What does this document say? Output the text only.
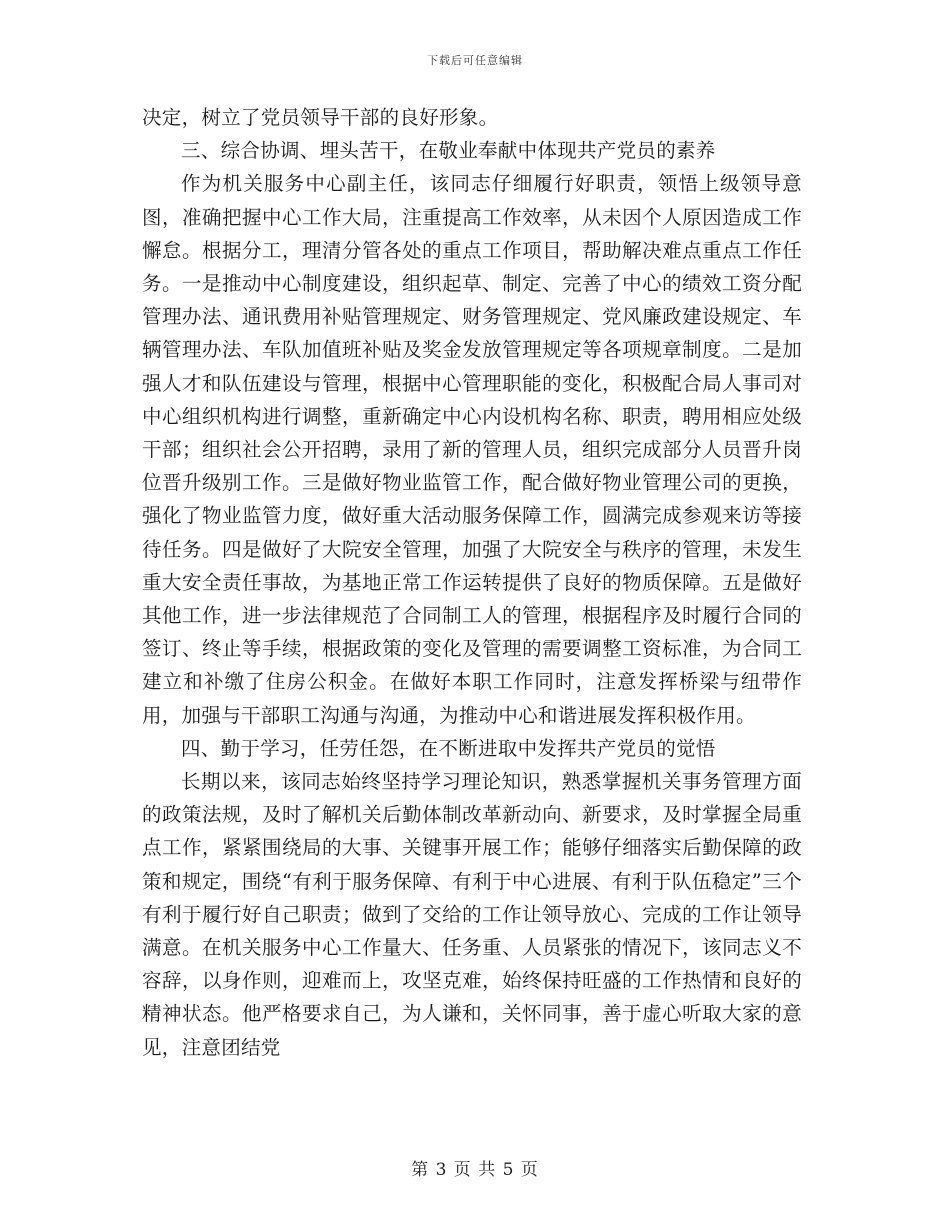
下载后可任意编辑

决定，树立了党员领导干部的良好形象。

三、综合协调、埋头苦干，在敬业奉献中体现共产党员的素养

作为机关服务中心副主任，该同志仔细履行好职责，领悟上级领导意图，准确把握中心工作大局，注重提高工作效率，从未因个人原因造成工作懈怠。根据分工，理清分管各处的重点工作项目，帮助解决难点重点工作任务。一是推动中心制度建设，组织起草、制定、完善了中心的绩效工资分配管理办法、通讯费用补贴管理规定、财务管理规定、党风廉政建设规定、车辆管理办法、车队加值班补贴及奖金发放管理规定等各项规章制度。二是加强人才和队伍建设与管理，根据中心管理职能的变化，积极配合局人事司对中心组织机构进行调整，重新确定中心内设机构名称、职责，聘用相应处级干部；组织社会公开招聘，录用了新的管理人员，组织完成部分人员晋升岗位晋升级别工作。三是做好物业监管工作，配合做好物业管理公司的更换，强化了物业监管力度，做好重大活动服务保障工作，圆满完成参观来访等接待任务。四是做好了大院安全管理，加强了大院安全与秩序的管理，未发生重大安全责任事故，为基地正常工作运转提供了良好的物质保障。五是做好其他工作，进一步法律规范了合同制工人的管理，根据程序及时履行合同的签订、终止等手续，根据政策的变化及管理的需要调整工资标准，为合同工建立和补缴了住房公积金。在做好本职工作同时，注意发挥桥梁与纽带作用，加强与干部职工沟通与沟通，为推动中心和谐进展发挥积极作用。

四、勤于学习，任劳任怨，在不断进取中发挥共产党员的觉悟

长期以来，该同志始终坚持学习理论知识，熟悉掌握机关事务管理方面的政策法规，及时了解机关后勤体制改革新动向、新要求，及时掌握全局重点工作，紧紧围绕局的大事、关键事开展工作；能够仔细落实后勤保障的政策和规定，围绕“有利于服务保障、有利于中心进展、有利于队伍稳定”三个有利于履行好自己职责；做到了交给的工作让领导放心、完成的工作让领导满意。在机关服务中心工作量大、任务重、人员紧张的情况下，该同志义不容辞，以身作则，迎难而上，攻坚克难，始终保持旺盛的工作热情和良好的精神状态。他严格要求自己，为人谦和，关怀同事，善于虚心听取大家的意见，注意团结党

第 3 页 共 5 页
